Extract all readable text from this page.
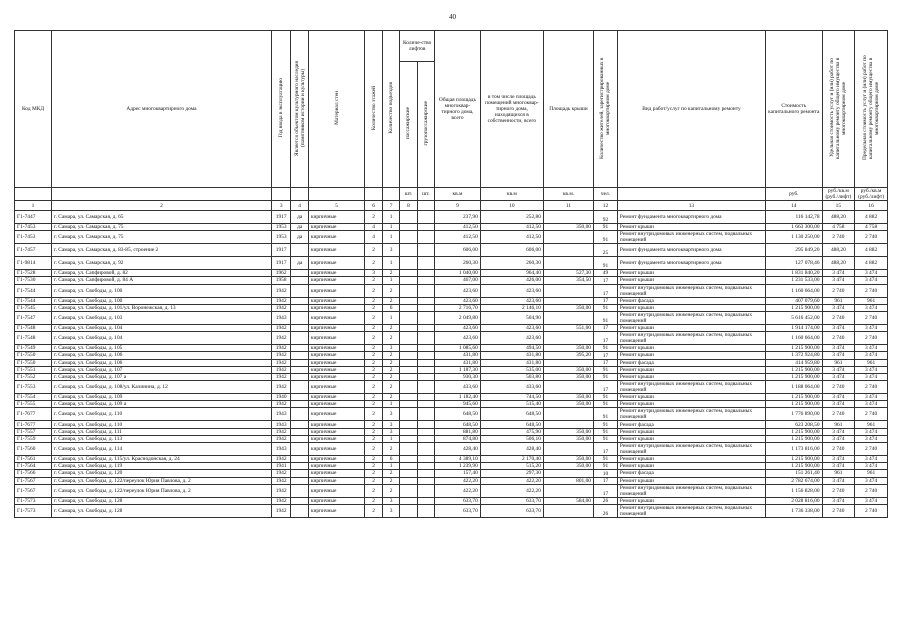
40
Код МКД	Адрес многоквартирного дома	Год ввода в эксплуатацию	Является объектом культурного наследия (памятником истории и культуры)	Материал стен	Количество этажей	Количество подъездов	Количе-ство лифтов		Общая площадь многоквар-тирного дома, всего	в том числе площадь помещений многоквар-тирного дома, находящихся в собственности, всего	Площадь крыши	Количество жителей, зарегистрированных в многоквартирном доме	Вид работ/услуг по капитальному ремонту	Стоимость капитального ремонта	Удельная стоимость услуг и (или) работ по капитальному ремонту общего имущества в многоквартирном доме	Предельная стоимость услуг и (или) работ по капитальному ремонту общего имущества в многоквартирном доме
							пассажирские	грузопассажирские								
							шт.	шт.	кв.м	кв.м	кв.м.	чел.		руб.	руб./кв.м (руб./лифт)	руб./кв.м (руб./лифт)
1	2	3	4	5	6	7	8		9	10	11	12	13	14	15	16
Г1-7447	г. Самара, ул. Самарская, д. 65	1917	да	кирпичные	2	1			237,90	252,80		92	Ремонт фундамента многоквартирного дома	116 142,78	488,20	4 882
Г1-7453	г. Самара, ул. Самарская, д. 75	1953	да	кирпичные	4	1			412,50	412,50	350,00	91	Ремонт крыши	1 663 300,00	4 758	4 758
Г1-7453	г. Самара, ул. Самарская, д. 75	1953	да	кирпичные	4	1			412,50	412,50		91	Ремонт внутридомовых инженерных систем, подвальных помещений	1 130 250,00	2 740	2 740
Г1-7457	г. Самара, ул. Самарская, д. 83-85, строение 2	1917		кирпичные	2	3			606,00	606,00		25	Ремонт фундамента многоквартирного дома	295 849,20	488,20	4 882
Г1-9814	г. Самара, ул. Самарская, д. 92	1917	да	кирпичные	2	1			260,30	260,30		91	Ремонт фундамента многоквартирного дома	127 078,46	488,20	4 882
Г1-7528	г. Самара, ул. Сапфировой, д. 82	1962		кирпичные	3	2			1 040,00	964,40	527,30	49	Ремонт крыши	1 831 840,20	3 474	3 474
Г1-7530	г. Самара, ул. Сапфировой, д. 84 А	1958		кирпичные	2	1			467,00	426,00	354,50	17	Ремонт крыши	1 231 533,00	3 474	3 474
Г1-7544	г. Самара, ул. Свободы, д. 100	1942		кирпичные	2	2			423,60	423,60		17	Ремонт внутридомовых инженерных систем, подвальных помещений	1 160 664,00	2 740	2 740
Г1-7544	г. Самара, ул. Свободы, д. 100	1942		кирпичные	2	2			423,60	423,60		17	Ремонт фасада	407 079,60	961	961
Г1-7545	г. Самара, ул. Свободы, д. 101/ул. Воронежская, д. 13	1942		кирпичные	2	6			2 716,70	2 146,10	350,00	91	Ремонт крыши	1 215 900,00	3 474	3 474
Г1-7547	г. Самара, ул. Свободы, д. 103	1943		кирпичные	2	1			2 049,80	504,90		91	Ремонт внутридомовых инженерных систем, подвальных помещений	5 616 452,00	2 740	2 740
Г1-7548	г. Самара, ул. Свободы, д. 104	1942		кирпичные	2	2			423,60	423,60	551,00	17	Ремонт крыши	1 914 174,00	3 474	3 474
Г1-7548	г. Самара, ул. Свободы, д. 104	1942		кирпичные	2	2			423,60	423,60		17	Ремонт внутридомовых инженерных систем, подвальных помещений	1 160 664,00	2 740	2 740
Г1-7549	г. Самара, ул. Свободы, д. 105	1942		кирпичные	2	3			1 085,60	494,50	350,00	91	Ремонт крыши	1 215 900,00	3 474	3 474
Г1-7550	г. Самара, ул. Свободы, д. 106	1942		кирпичные	2	2			431,80	431,80	395,20	17	Ремонт крыши	1 372 924,80	3 474	3 474
Г1-7550	г. Самара, ул. Свободы, д. 106	1942		кирпичные	2	2			431,80	431,80		17	Ремонт фасада	414 959,80	961	961
Г1-7551	г. Самара, ул. Свободы, д. 107	1942		кирпичные	2	2			1 187,30	535,00	350,00	91	Ремонт крыши	1 215 900,00	3 474	3 474
Г1-7552	г. Самара, ул. Свободы, д. 107 а	1942		кирпичные	2	2			930,30	503,80	350,00	91	Ремонт крыши	1 215 900,00	3 474	3 474
Г1-7553	г. Самара, ул. Свободы, д. 108/ул. Калинина, д. 12	1942		кирпичные	2	2			433,60	433,60		17	Ремонт внутридомовых инженерных систем, подвальных помещений	1 188 064,00	2 740	2 740
Г1-7554	г. Самара, ул. Свободы, д. 109	1940		кирпичные	2	2			1 182,40	744,50	350,00	91	Ремонт крыши	1 215 900,00	3 474	3 474
Г1-7555	г. Самара, ул. Свободы, д. 109 а	1942		кирпичные	2	1			945,60	515,40	350,00	91	Ремонт крыши	1 215 900,00	3 474	3 474
Г1-7677	г. Самара, ул. Свободы, д. 110	1943		кирпичные	2	3			648,50	648,50		91	Ремонт внутридомовых инженерных систем, подвальных помещений	1 776 890,00	2 740	2 740
Г1-7677	г. Самара, ул. Свободы, д. 110	1943		кирпичные	2	3			648,50	648,50		91	Ремонт фасада	623 208,50	961	961
Г1-7557	г. Самара, ул. Свободы, д. 111	1942		кирпичные	2	3			881,80	475,90	350,00	91	Ремонт крыши	1 215 900,00	3 474	3 474
Г1-7559	г. Самара, ул. Свободы, д. 113	1942		кирпичные	2	1			874,80	506,10	350,00	91	Ремонт крыши	1 215 900,00	3 474	3 474
Г1-7560	г. Самара, ул. Свободы, д. 114	1943		кирпичные	2	2			428,40	428,40		17	Ремонт внутридомовых инженерных систем, подвальных помещений	1 173 816,00	2 740	2 740
Г1-7561	г. Самара, ул. Свободы, д. 115/ул. Краснодонская, д. 24	1942		кирпичные	2	6			4 389,10	2 170,40	350,00	91	Ремонт крыши	1 215 900,00	3 474	3 474
Г1-7564	г. Самара, ул. Свободы, д. 119	1941		кирпичные	2	1			1 239,90	515,20	350,00	91	Ремонт крыши	1 215 900,00	3 474	3 474
Г1-7566	г. Самара, ул. Свободы, д. 120	1942		кирпичные	2	2			157,40	297,30		10	Ремонт фасада	151 261,40	961	961
Г1-7567	г. Самара, ул. Свободы, д. 122/переулок Юрия Павлова, д. 2	1942		кирпичные	2	2			422,20	422,20	801,00	17	Ремонт крыши	2 782 674,00	3 474	3 474
Г1-7567	г. Самара, ул. Свободы, д. 122/переулок Юрия Павлова, д. 2	1942		кирпичные	2	2			422,20	422,20		17	Ремонт внутридомовых инженерных систем, подвальных помещений	1 156 828,00	2 740	2 740
Г1-7573	г. Самара, ул. Свободы, д. 128	1942		кирпичные	2	3			633,70	633,70	584,00	26	Ремонт крыши	2 028 816,00	3 474	3 474
Г1-7573	г. Самара, ул. Свободы, д. 128	1942		кирпичные	2	3			633,70	633,70		26	Ремонт внутридомовых инженерных систем, подвальных помещений	1 736 338,00	2 740	2 740
